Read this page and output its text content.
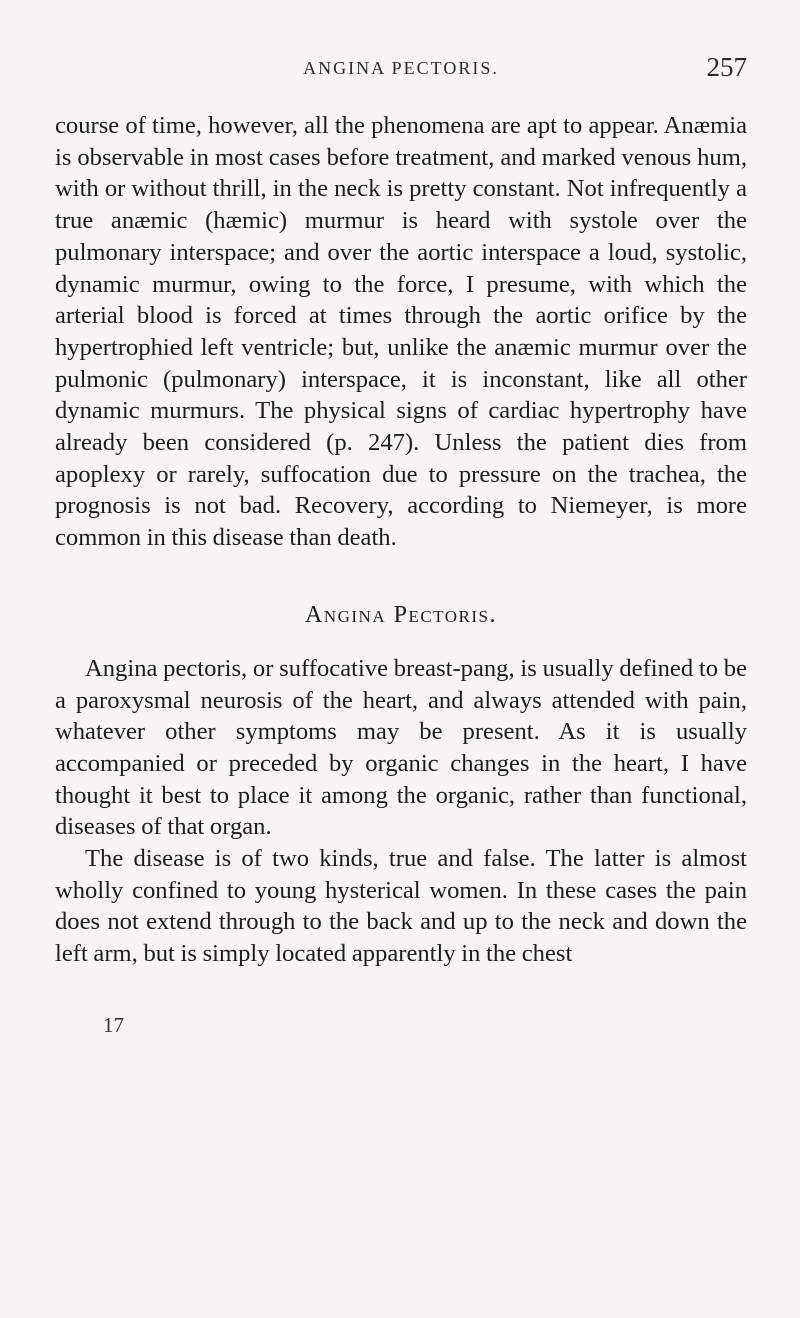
ANGINA PECTORIS.	257

course of time, however, all the phenomena are apt to appear. Anæmia is observable in most cases before treatment, and marked venous hum, with or without thrill, in the neck is pretty constant. Not infrequently a true anæmic (hæmic) murmur is heard with systole over the pulmonary interspace; and over the aortic interspace a loud, systolic, dynamic murmur, owing to the force, I presume, with which the arterial blood is forced at times through the aortic orifice by the hypertrophied left ventricle; but, unlike the anæmic murmur over the pulmonic (pulmonary) interspace, it is inconstant, like all other dynamic murmurs. The physical signs of cardiac hypertrophy have already been considered (p. 247). Unless the patient dies from apoplexy or rarely, suffocation due to pressure on the trachea, the prognosis is not bad. Recovery, according to Niemeyer, is more common in this disease than death.

Angina Pectoris.

Angina pectoris, or suffocative breast-pang, is usually defined to be a paroxysmal neurosis of the heart, and always attended with pain, whatever other symptoms may be present. As it is usually accompanied or preceded by organic changes in the heart, I have thought it best to place it among the organic, rather than functional, diseases of that organ.

The disease is of two kinds, true and false. The latter is almost wholly confined to young hysterical women. In these cases the pain does not extend through to the back and up to the neck and down the left arm, but is simply located apparently in the chest

17
